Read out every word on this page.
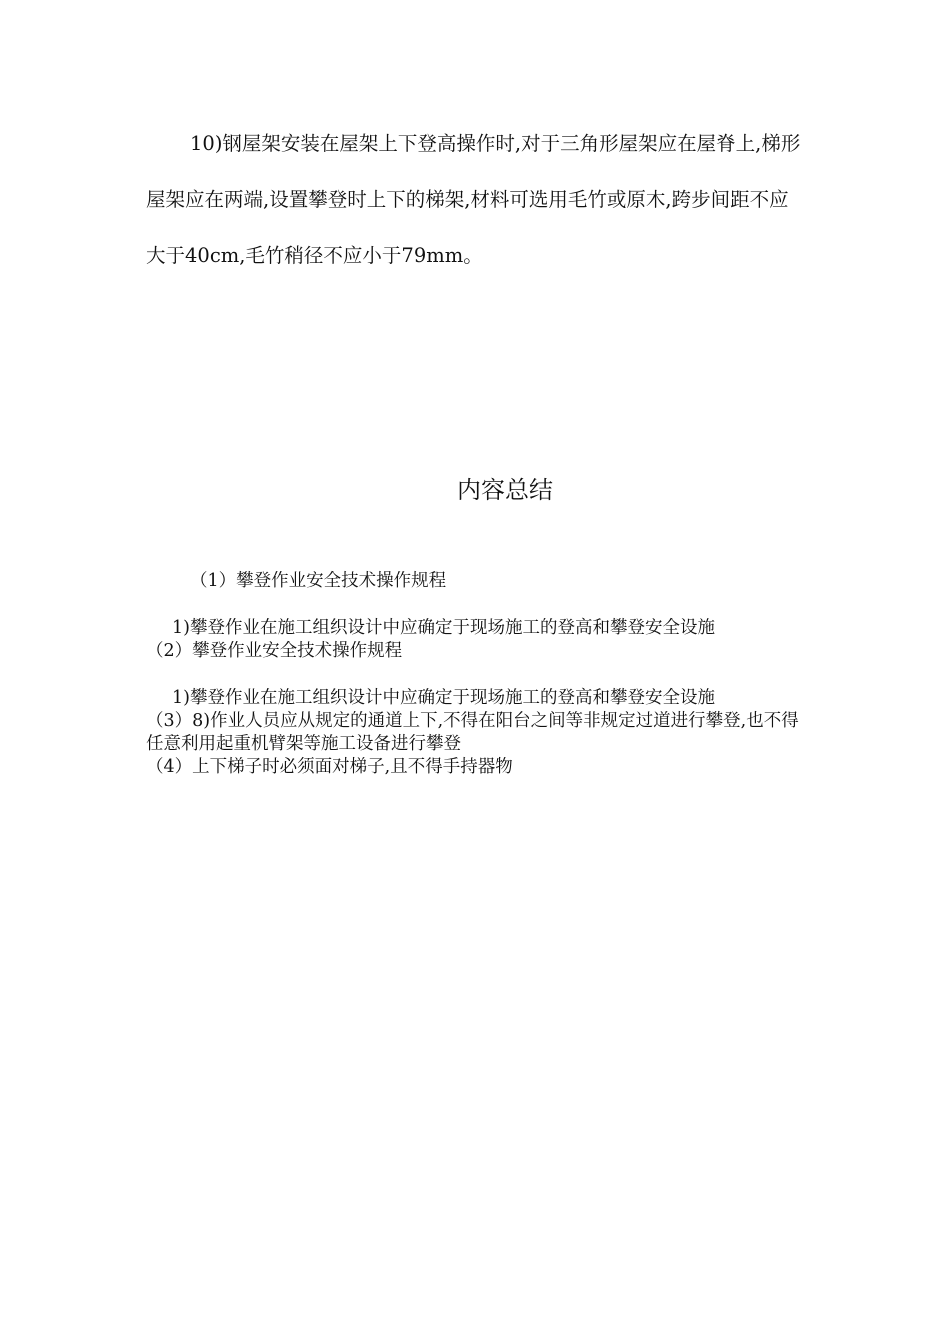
10)钢屋架安装在屋架上下登高操作时,对于三角形屋架应在屋脊上,梯形屋架应在两端,设置攀登时上下的梯架,材料可选用毛竹或原木,跨步间距不应大于40cm,毛竹稍径不应小于79mm。

内容总结

（1）攀登作业安全技术操作规程

1)攀登作业在施工组织设计中应确定于现场施工的登高和攀登安全设施

（2）攀登作业安全技术操作规程

1)攀登作业在施工组织设计中应确定于现场施工的登高和攀登安全设施

（3）8)作业人员应从规定的通道上下,不得在阳台之间等非规定过道进行攀登,也不得任意利用起重机臂架等施工设备进行攀登

（4）上下梯子时必须面对梯子,且不得手持器物
